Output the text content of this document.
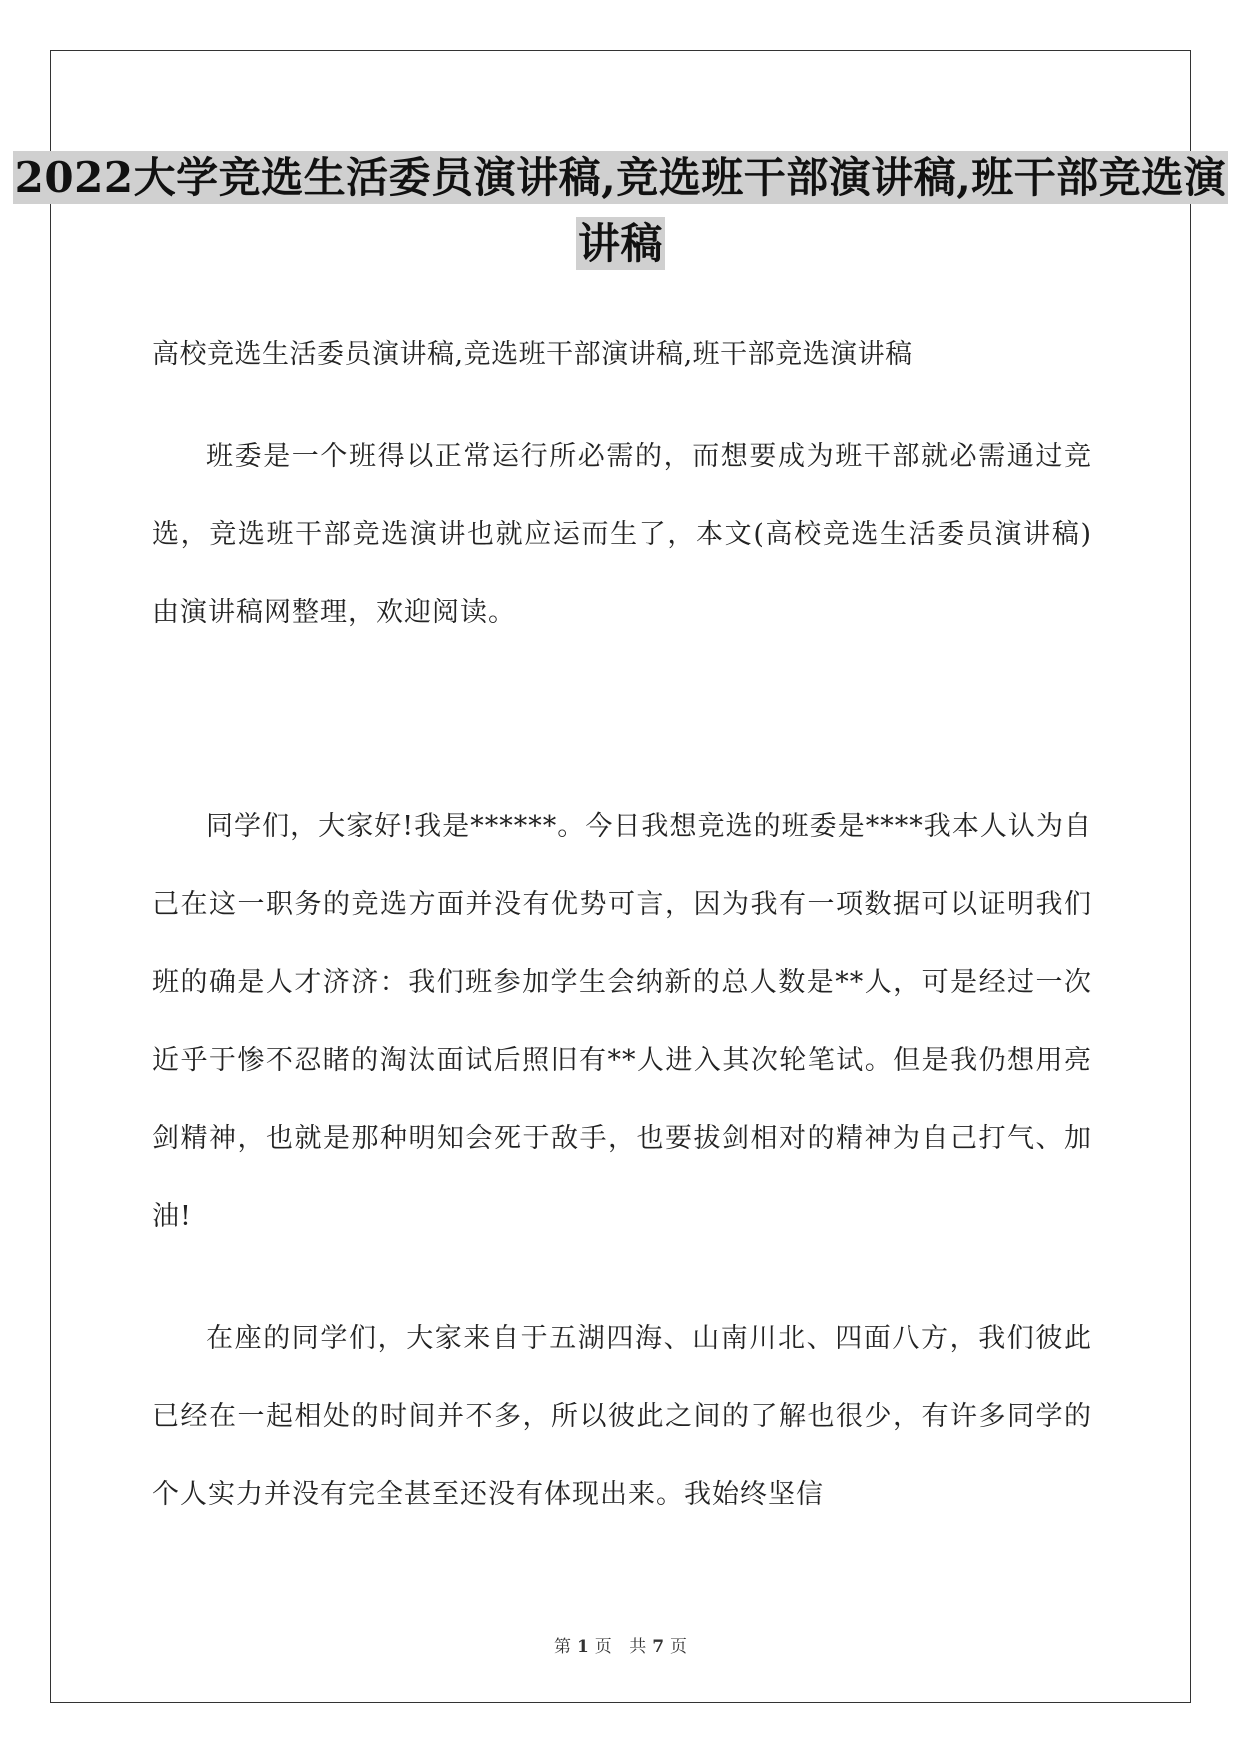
2022大学竞选生活委员演讲稿,竞选班干部演讲稿,班干部竞选演讲稿
高校竞选生活委员演讲稿,竞选班干部演讲稿,班干部竞选演讲稿

班委是一个班得以正常运行所必需的，而想要成为班干部就必需通过竞选，竞选班干部竞选演讲也就应运而生了，本文(高校竞选生活委员演讲稿)由演讲稿网整理，欢迎阅读。

同学们，大家好!我是******。今日我想竞选的班委是****我本人认为自己在这一职务的竞选方面并没有优势可言，因为我有一项数据可以证明我们班的确是人才济济：我们班参加学生会纳新的总人数是**人，可是经过一次近乎于惨不忍睹的淘汰面试后照旧有**人进入其次轮笔试。但是我仍想用亮剑精神，也就是那种明知会死于敌手，也要拔剑相对的精神为自己打气、加油!

在座的同学们，大家来自于五湖四海、山南川北、四面八方，我们彼此已经在一起相处的时间并不多，所以彼此之间的了解也很少，有许多同学的个人实力并没有完全甚至还没有体现出来。我始终坚信

第 1 页 共 7 页
